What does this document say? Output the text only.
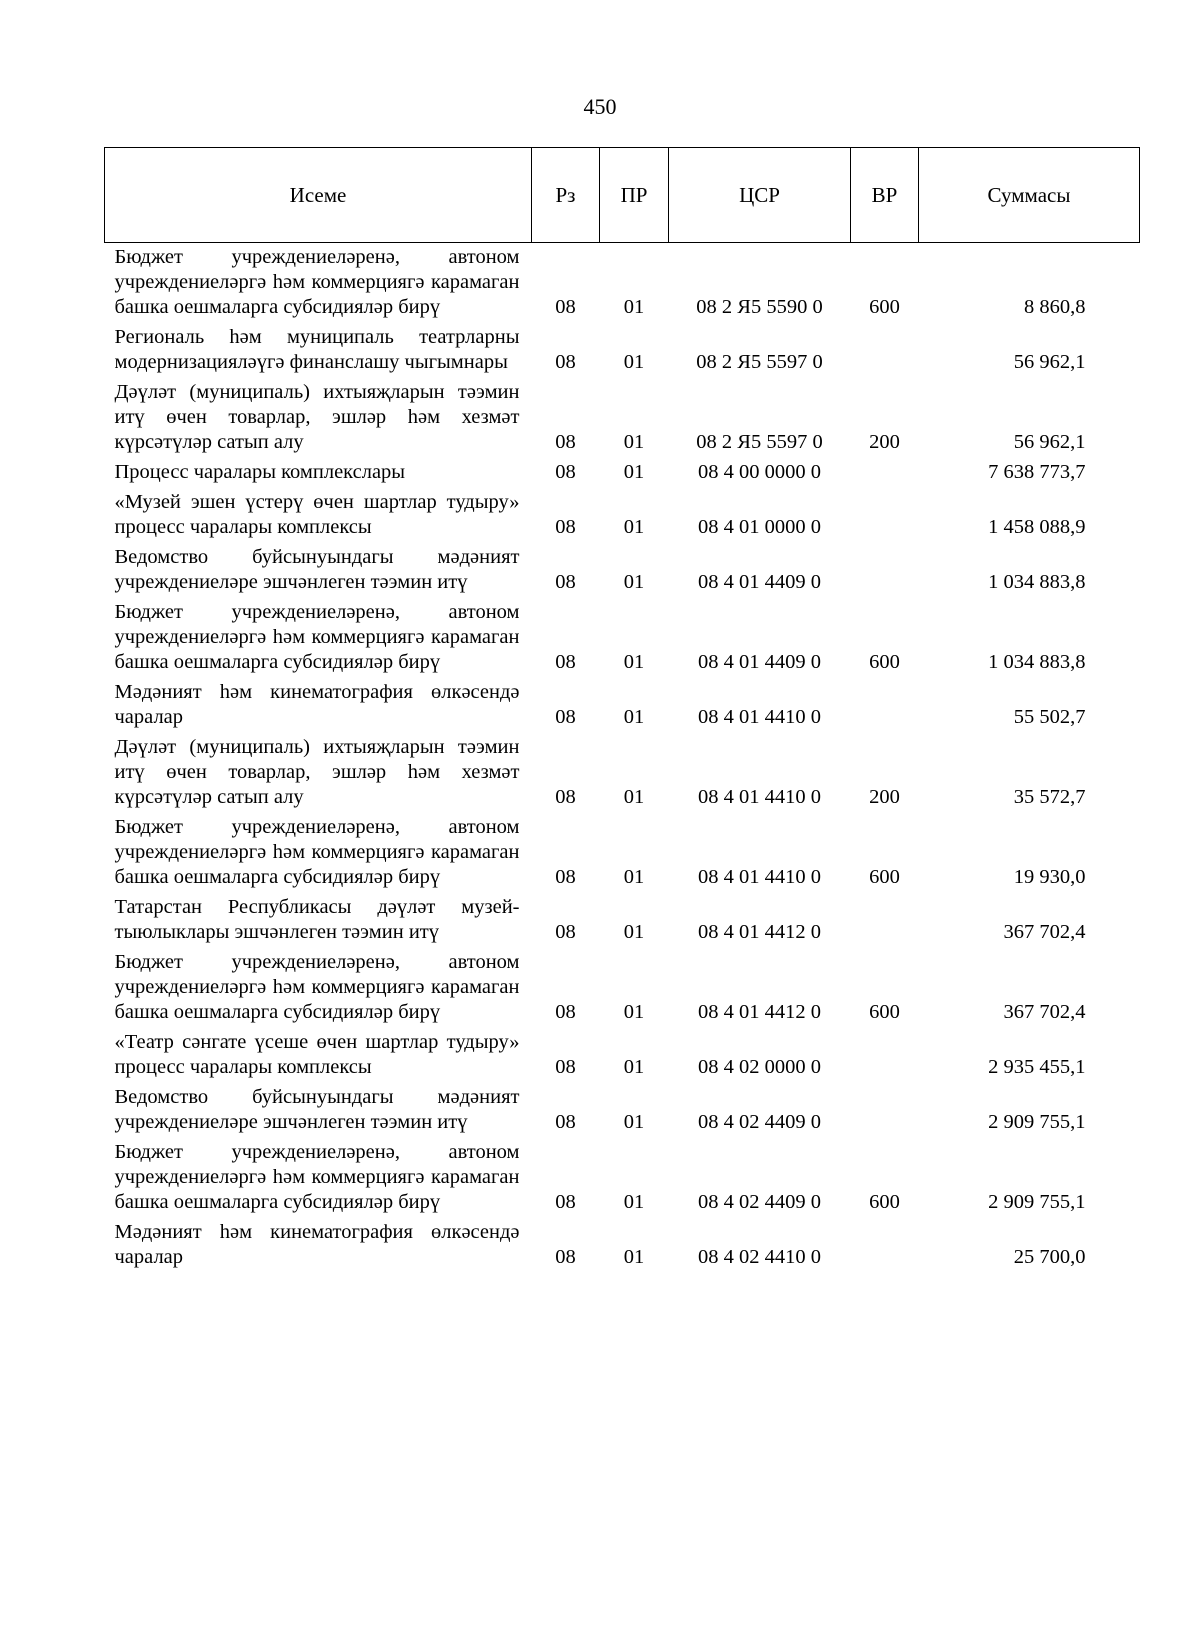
450
Исеме	Рз	ПР	ЦСР	ВР	Суммасы
Бюджет учреждениеләренә, автоном учреждениеләргә һәм коммерциягә карамаган башка оешмаларга субсидияләр бирү	08	01	08 2 Я5 5590 0	600	8 860,8
Региональ һәм муниципаль театрларны модернизацияләүгә финанслашу чыгымнары	08	01	08 2 Я5 5597 0		56 962,1
Дәүләт (муниципаль) ихтыяҗларын тәэмин итү өчен товарлар, эшләр һәм хезмәт күрсәтүләр сатып алу	08	01	08 2 Я5 5597 0	200	56 962,1
Процесс чаралары комплекслары	08	01	08 4 00 0000 0		7 638 773,7
«Музей эшен үстерү өчен шартлар тудыру» процесс чаралары комплексы	08	01	08 4 01 0000 0		1 458 088,9
Ведомство буйсынуындагы мәдәният учреждениеләре эшчәнлеген тәэмин итү	08	01	08 4 01 4409 0		1 034 883,8
Бюджет учреждениеләренә, автоном учреждениеләргә һәм коммерциягә карамаган башка оешмаларга субсидияләр бирү	08	01	08 4 01 4409 0	600	1 034 883,8
Мәдәният һәм кинематография өлкәсендә чаралар	08	01	08 4 01 4410 0		55 502,7
Дәүләт (муниципаль) ихтыяҗларын тәэмин итү өчен товарлар, эшләр һәм хезмәт күрсәтүләр сатып алу	08	01	08 4 01 4410 0	200	35 572,7
Бюджет учреждениеләренә, автоном учреждениеләргә һәм коммерциягә карамаган башка оешмаларга субсидияләр бирү	08	01	08 4 01 4410 0	600	19 930,0
Татарстан Республикасы дәүләт музей-тыюлыклары эшчәнлеген тәэмин итү	08	01	08 4 01 4412 0		367 702,4
Бюджет учреждениеләренә, автоном учреждениеләргә һәм коммерциягә карамаган башка оешмаларга субсидияләр бирү	08	01	08 4 01 4412 0	600	367 702,4
«Театр сәнгате үсеше өчен шартлар тудыру» процесс чаралары комплексы	08	01	08 4 02 0000 0		2 935 455,1
Ведомство буйсынуындагы мәдәният учреждениеләре эшчәнлеген тәэмин итү	08	01	08 4 02 4409 0		2 909 755,1
Бюджет учреждениеләренә, автоном учреждениеләргә һәм коммерциягә карамаган башка оешмаларга субсидияләр бирү	08	01	08 4 02 4409 0	600	2 909 755,1
Мәдәният һәм кинематография өлкәсендә чаралар	08	01	08 4 02 4410 0		25 700,0
